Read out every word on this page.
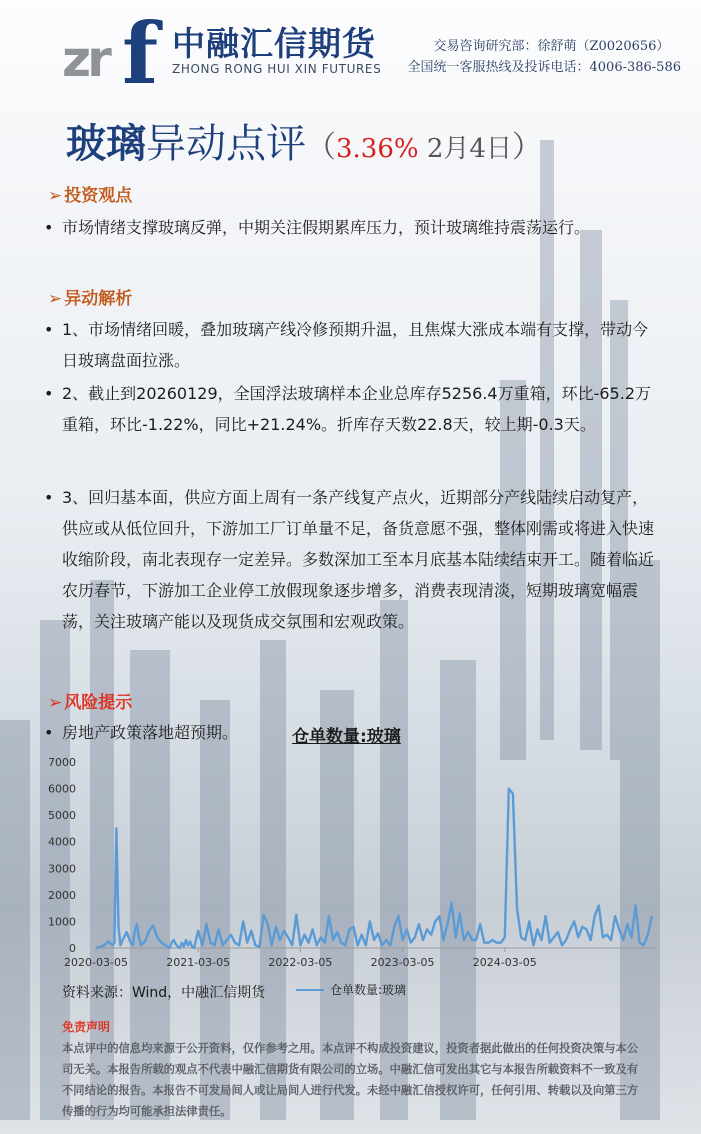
zr f 中融汇信期货
ZHONG RONG HUI XIN FUTURES
交易咨询研究部：徐舒萌（Z0020656）
全国统一客服热线及投诉电话：4006-386-586
玻璃异动点评（3.36% 2月4日）
➢ 投资观点
• 市场情绪支撑玻璃反弹，中期关注假期累库压力，预计玻璃维持震荡运行。
➢ 异动解析
• 1、市场情绪回暖，叠加玻璃产线冷修预期升温，且焦煤大涨成本端有支撑，带动今日玻璃盘面拉涨。
• 2、截止到20260129，全国浮法玻璃样本企业总库存5256.4万重箱，环比-65.2万重箱，环比-1.22%，同比+21.24%。折库存天数22.8天，较上期-0.3天。
• 3、回归基本面，供应方面上周有一条产线复产点火，近期部分产线陆续启动复产，供应或从低位回升，下游加工厂订单量不足，备货意愿不强，整体刚需或将进入快速收缩阶段，南北表现存一定差异。多数深加工至本月底基本陆续结束开工。随着临近农历春节，下游加工企业停工放假现象逐步增多，消费表现清淡，短期玻璃宽幅震荡，关注玻璃产能以及现货成交氛围和宏观政策。
➢ 风险提示
• 房地产政策落地超预期。	仓单数量:玻璃
0
1000
2000
3000
4000
5000
6000
7000
2020-03-05	2021-03-05	2022-03-05	2023-03-05	2024-03-05
资料来源：Wind，中融汇信期货	仓单数量:玻璃
免责声明
本点评中的信息均来源于公开资料，仅作参考之用。本点评不构成投资建议，投资者据此做出的任何投资决策与本公司无关。本报告所载的观点不代表中融汇信期货有限公司的立场。中融汇信可发出其它与本报告所载资料不一致及有不同结论的报告。本报告不可发局间人或让局间人进行代发。未经中融汇信授权许可，任何引用、转载以及向第三方传播的行为均可能承担法律责任。
